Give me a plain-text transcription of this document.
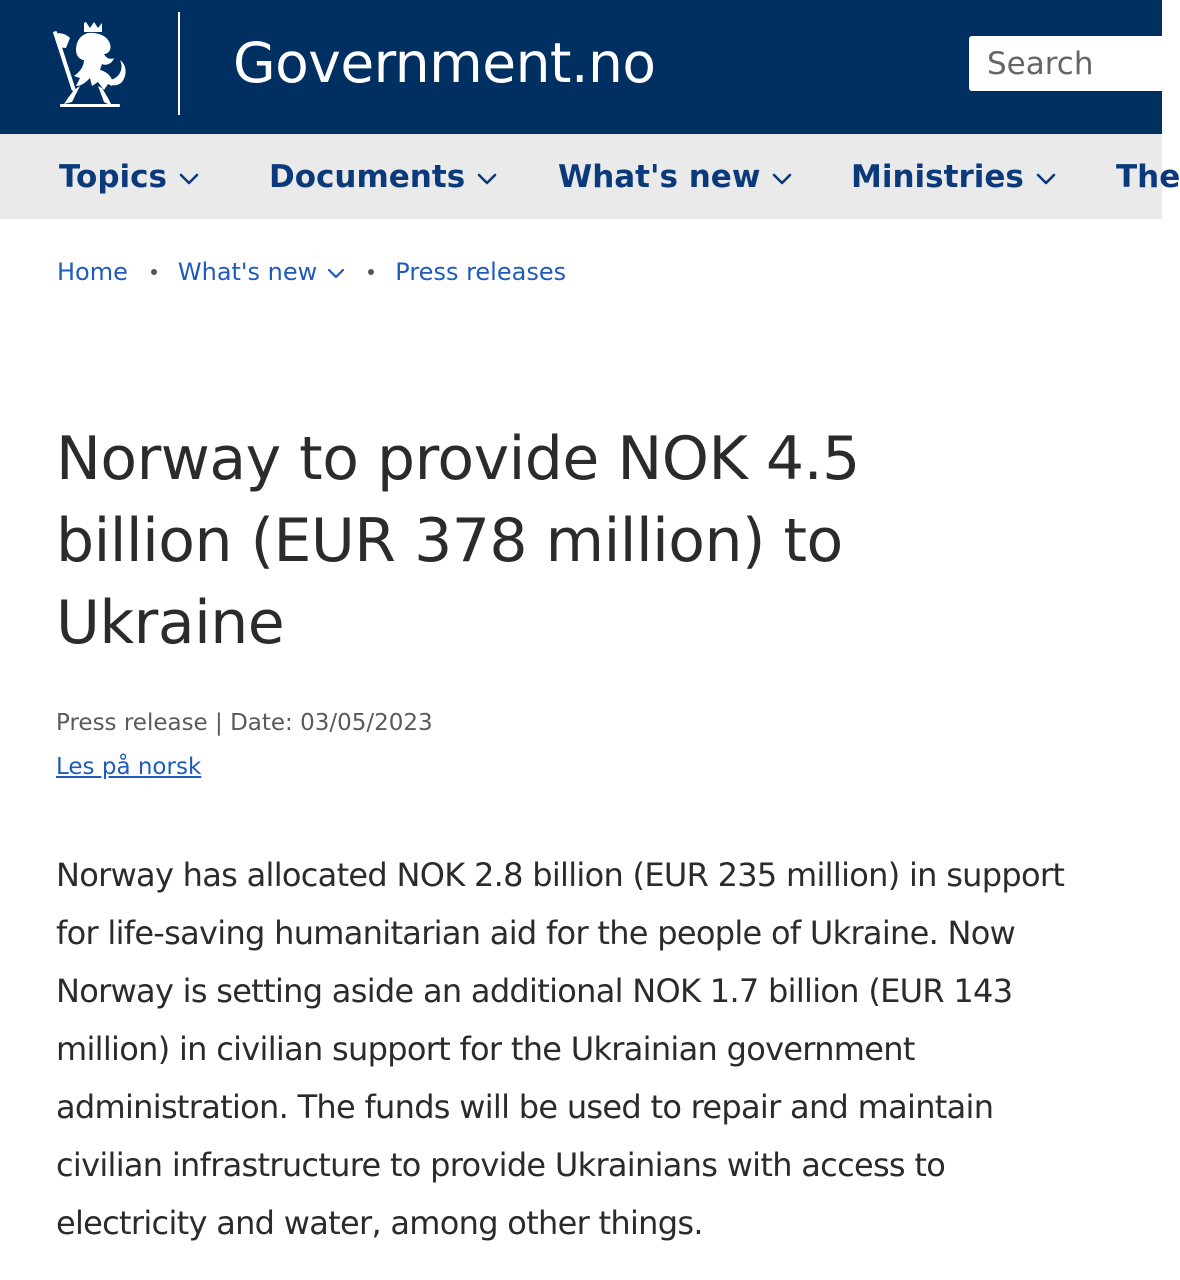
Government.no
Search
Topics	Documents	What's new	Ministries	The
Home What's new	Press releases
Norway to provide NOK 4.5 billion (EUR 378 million) to Ukraine
Press release | Date: 03/05/2023
Les på norsk

Norway has allocated NOK 2.8 billion (EUR 235 million) in support for life-saving humanitarian aid for the people of Ukraine. Now Norway is setting aside an additional NOK 1.7 billion (EUR 143 million) in civilian support for the Ukrainian government administration. The funds will be used to repair and maintain civilian infrastructure to provide Ukrainians with access to electricity and water, among other things.
